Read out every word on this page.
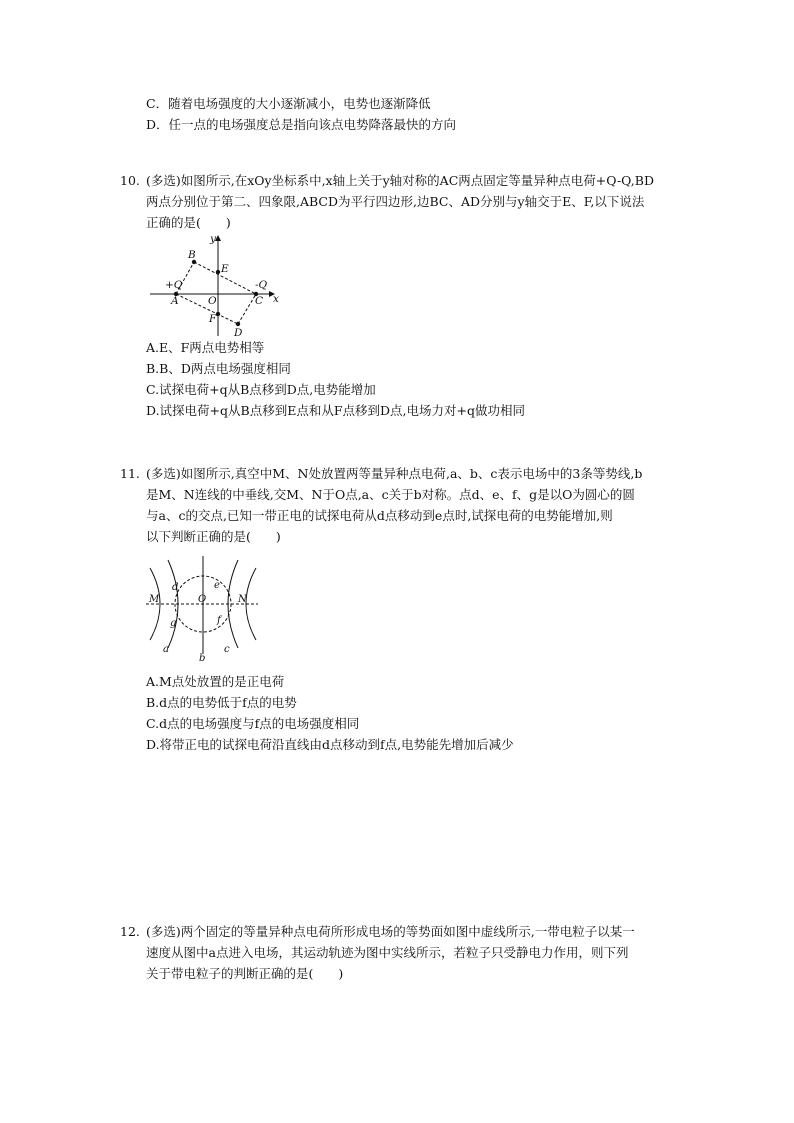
C．随着电场强度的大小逐渐减小，电势也逐渐降低
D．任一点的电场强度总是指向该点电势降落最快的方向
10. (多选)如图所示,在xOy坐标系中,x轴上关于y轴对称的AC两点固定等量异种点电荷+Q-Q,BD
两点分别位于第二、四象限,ABCD为平行四边形,边BC、AD分别与y轴交于E、F,以下说法
正确的是(　　)
y
x
B
E
+Q	-Q
A	O	C
F
D
A.E、F两点电势相等
B.B、D两点电场强度相同
C.试探电荷+q从B点移到D点,电势能增加
D.试探电荷+q从B点移到E点和从F点移到D点,电场力对+q做功相同
11. (多选)如图所示,真空中M、N处放置两等量异种点电荷,a、b、c表示电场中的3条等势线,b
是M、N连线的中垂线,交M、N于O点,a、c关于b对称。点d、e、f、g是以O为圆心的圆
与a、c的交点,已知一带正电的试探电荷从d点移动到e点时,试探电荷的电势能增加,则
以下判断正确的是(　　)
M	N
O
d	e
g	f
a
b
c
A.M点处放置的是正电荷
B.d点的电势低于f点的电势
C.d点的电场强度与f点的电场强度相同
D.将带正电的试探电荷沿直线由d点移动到f点,电势能先增加后减少
12. (多选)两个固定的等量异种点电荷所形成电场的等势面如图中虚线所示,一带电粒子以某一
速度从图中a点进入电场，其运动轨迹为图中实线所示，若粒子只受静电力作用，则下列
关于带电粒子的判断正确的是(　　)
